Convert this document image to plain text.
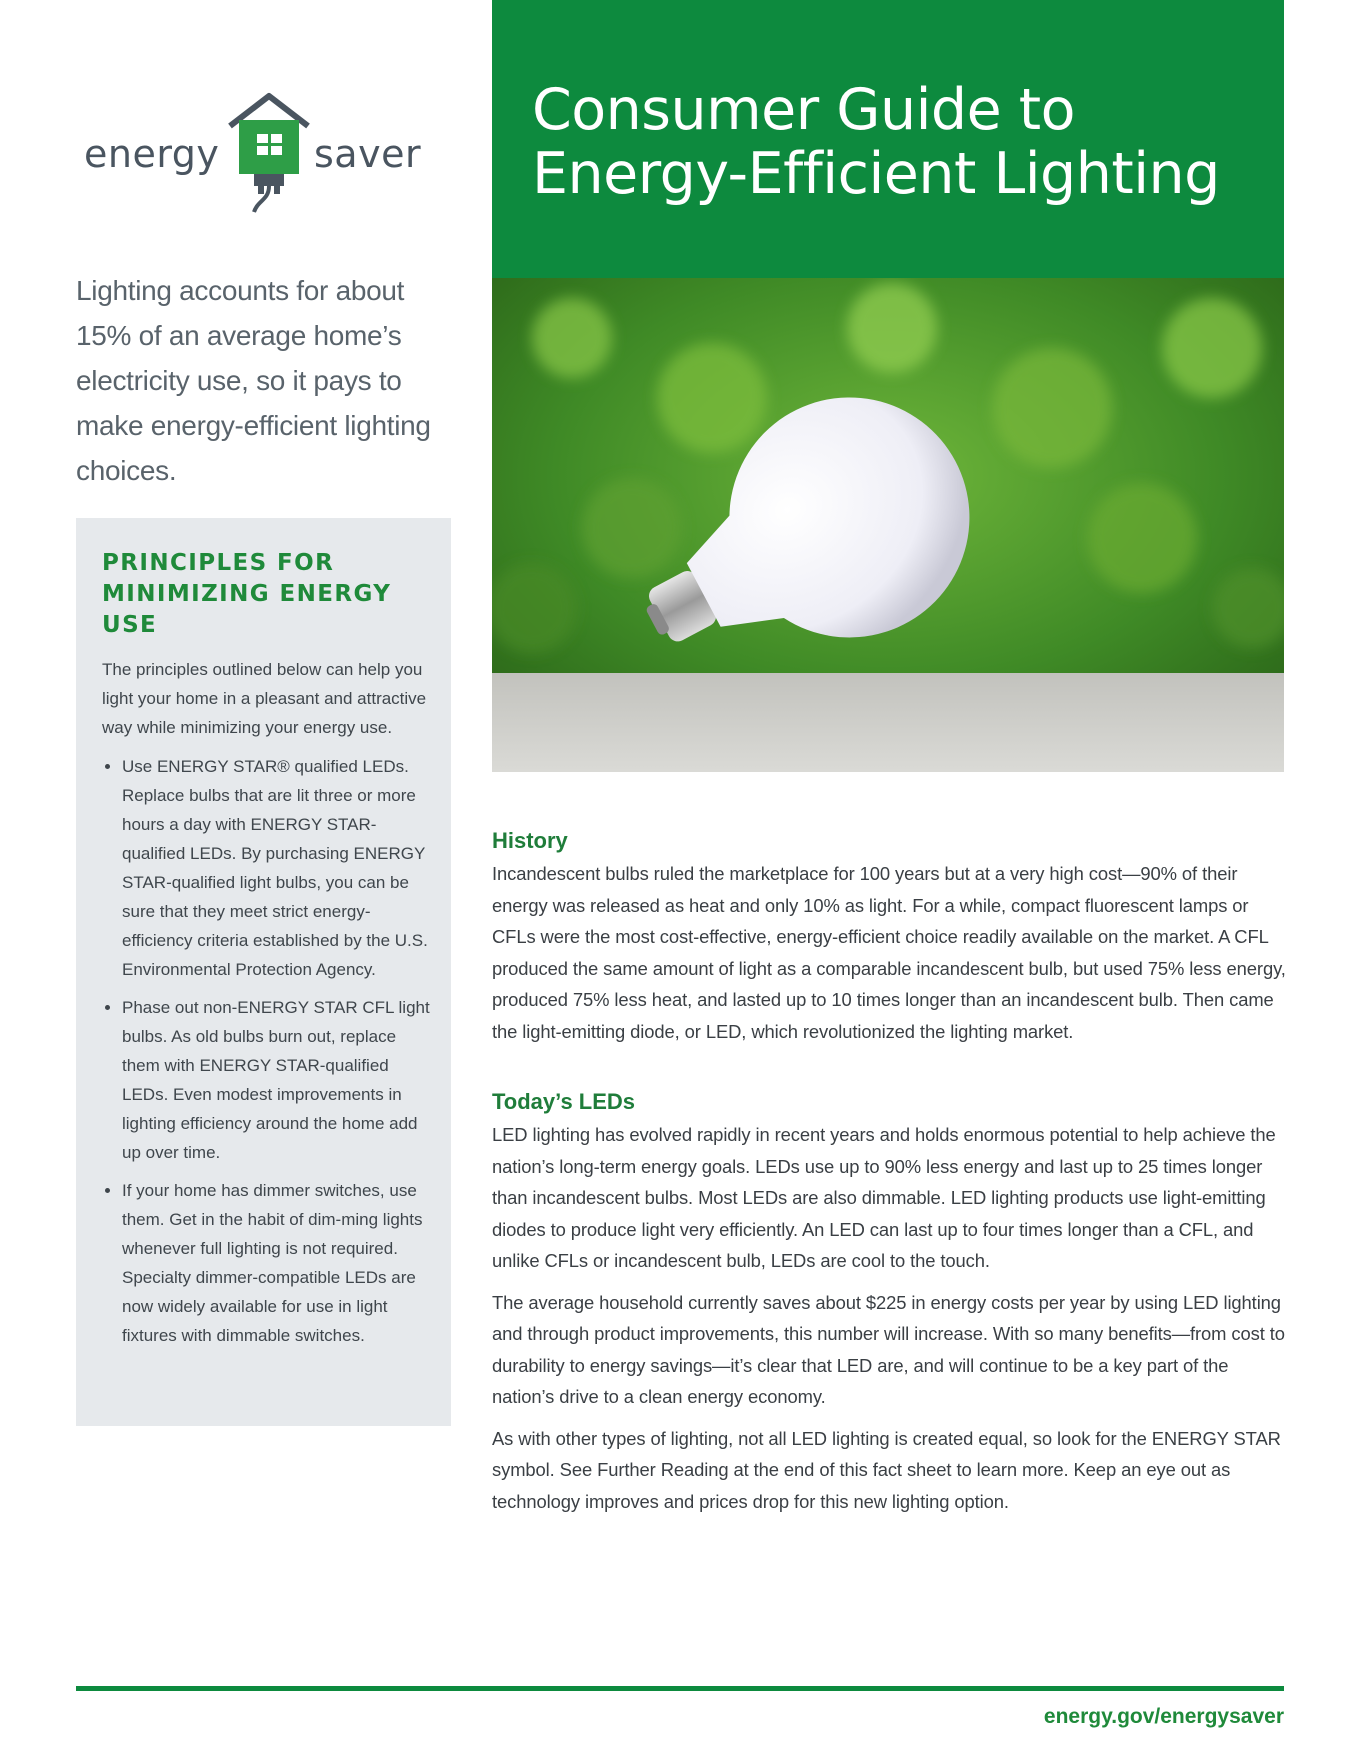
energy saver
Lighting accounts for about 15% of an average home’s electricity use, so it pays to make energy-efficient lighting choices.
PRINCIPLES FOR MINIMIZING ENERGY USE

The principles outlined below can help you light your home in a pleasant and attractive way while minimizing your energy use.

• Use ENERGY STAR® qualified LEDs. Replace bulbs that are lit three or more hours a day with ENERGY STAR-qualified LEDs. By purchasing ENERGY STAR-qualified light bulbs, you can be sure that they meet strict energy-efficiency criteria established by the U.S. Environmental Protection Agency.
• Phase out non-ENERGY STAR CFL light bulbs. As old bulbs burn out, replace them with ENERGY STAR-qualified LEDs. Even modest improvements in lighting efficiency around the home add up over time.
• If your home has dimmer switches, use them. Get in the habit of dim-ming lights whenever full lighting is not required. Specialty dimmer-compatible LEDs are now widely available for use in light fixtures with dimmable switches.
Consumer Guide to
Energy-Efficient Lighting
History

Incandescent bulbs ruled the marketplace for 100 years but at a very high cost—90% of their energy was released as heat and only 10% as light. For a while, compact fluorescent lamps or CFLs were the most cost-effective, energy-efficient choice readily available on the market. A CFL produced the same amount of light as a comparable incandescent bulb, but used 75% less energy, produced 75% less heat, and lasted up to 10 times longer than an incandescent bulb. Then came the light-emitting diode, or LED, which revolutionized the lighting market.

Today’s LEDs

LED lighting has evolved rapidly in recent years and holds enormous potential to help achieve the nation’s long-term energy goals. LEDs use up to 90% less energy and last up to 25 times longer than incandescent bulbs. Most LEDs are also dimmable. LED lighting products use light-emitting diodes to produce light very efficiently. An LED can last up to four times longer than a CFL, and unlike CFLs or incandescent bulb, LEDs are cool to the touch.

The average household currently saves about $225 in energy costs per year by using LED lighting and through product improvements, this number will increase. With so many benefits—from cost to durability to energy savings—it’s clear that LED are, and will continue to be a key part of the nation’s drive to a clean energy economy.

As with other types of lighting, not all LED lighting is created equal, so look for the ENERGY STAR symbol. See Further Reading at the end of this fact sheet to learn more. Keep an eye out as technology improves and prices drop for this new lighting option.

energy.gov/energysaver
